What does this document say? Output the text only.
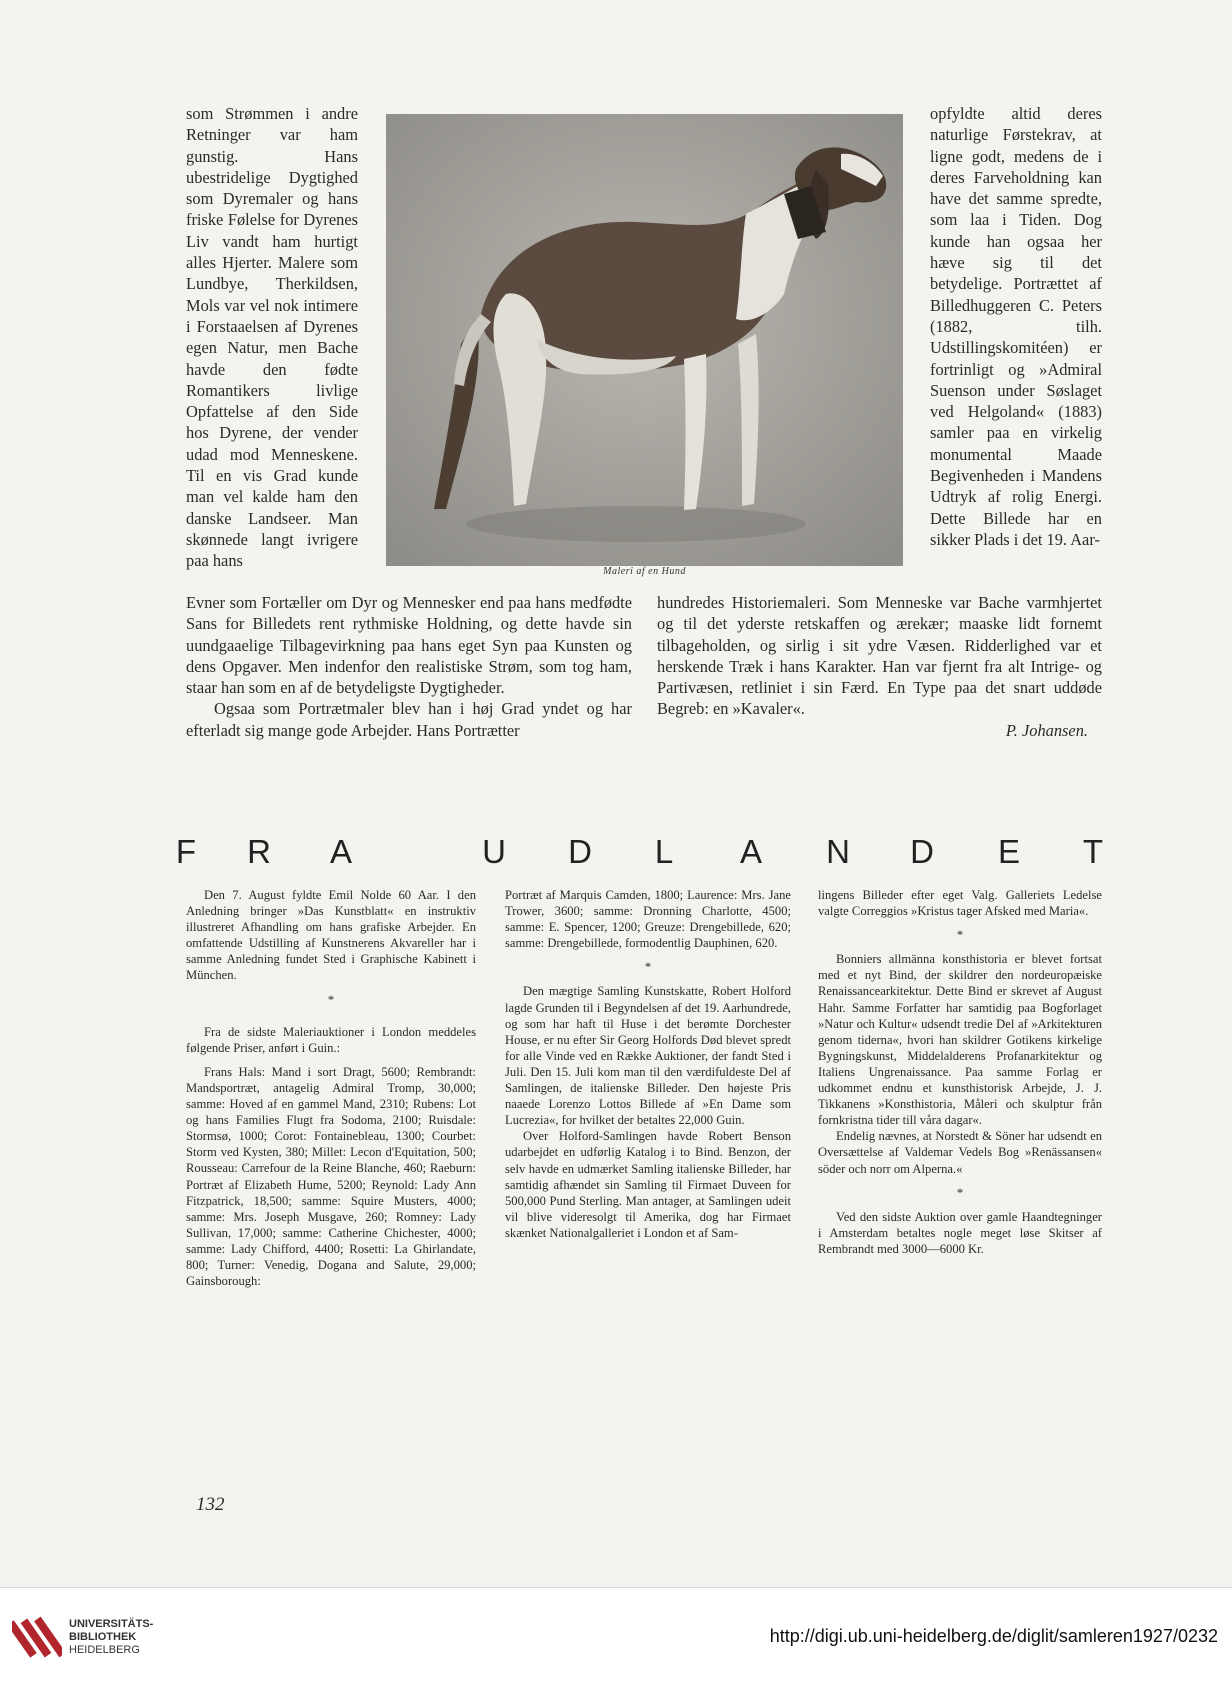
som Strømmen i andre Retninger var ham gunstig. Hans ubestridelige Dygtighed som Dyremaler og hans friske Følelse for Dyrenes Liv vandt ham hurtigt alles Hjerter. Malere som Lundbye, Therkildsen, Mols var vel nok intimere i Forstaaelsen af Dyrenes egen Natur, men Bache havde den fødte Romantikers livlige Opfattelse af den Side hos Dyrene, der vender udad mod Menneskene. Til en vis Grad kunde man vel kalde ham den danske Landseer. Man skønnede langt ivrigere paa hans

Maleri af en Hund

opfyldte altid deres naturlige Førstekrav, at ligne godt, medens de i deres Farveholdning kan have det samme spredte, som laa i Tiden. Dog kunde han ogsaa her hæve sig til det betydelige. Portrættet af Billedhuggeren C. Peters (1882, tilh. Udstillingskomitéen) er fortrinligt og »Admiral Suenson under Søslaget ved Helgoland« (1883) samler paa en virkelig monumental Maade Begivenheden i Mandens Udtryk af rolig Energi. Dette Billede har en sikker Plads i det 19. Aar-

Evner som Fortæller om Dyr og Mennesker end paa hans medfødte Sans for Billedets rent rythmiske Holdning, og dette havde sin uundgaaelige Tilbagevirkning paa hans eget Syn paa Kunsten og dens Opgaver. Men indenfor den realistiske Strøm, som tog ham, staar han som en af de betydeligste Dygtigheder.

Ogsaa som Portrætmaler blev han i høj Grad yndet og har efterladt sig mange gode Arbejder. Hans Portrætter

hundredes Historiemaleri. Som Menneske var Bache varmhjertet og til det yderste retskaffen og ærekær; maaske lidt fornemt tilbageholden, og sirlig i sit ydre Væsen. Ridderlighed var et herskende Træk i hans Karakter. Han var fjernt fra alt Intrige- og Partivæsen, retliniet i sin Færd. En Type paa det snart uddøde Begreb: en »Kavaler«.

P. Johansen.

F R A	U D L A N D E T

Den 7. August fyldte Emil Nolde 60 Aar. I den Anledning bringer »Das Kunstblatt« en instruktiv illustreret Afhandling om hans grafiske Arbejder. En omfattende Udstilling af Kunstnerens Akvareller har i samme Anledning fundet Sted i Graphische Kabinett i München.

*

Fra de sidste Maleriauktioner i London meddeles følgende Priser, anført i Guin.:

Frans Hals: Mand i sort Dragt, 5600; Rembrandt: Mandsportræt, antagelig Admiral Tromp, 30,000; samme: Hoved af en gammel Mand, 2310; Rubens: Lot og hans Families Flugt fra Sodoma, 2100; Ruisdale: Stormsø, 1000; Corot: Fontainebleau, 1300; Courbet: Storm ved Kysten, 380; Millet: Lecon d'Equitation, 500; Rousseau: Carrefour de la Reine Blanche, 460; Raeburn: Portræt af Elizabeth Hume, 5200; Reynold: Lady Ann Fitzpatrick, 18,500; samme: Squire Musters, 4000; samme: Mrs. Joseph Musgave, 260; Romney: Lady Sullivan, 17,000; samme: Catherine Chichester, 4000; samme: Lady Chifford, 4400; Rosetti: La Ghirlandate, 800; Turner: Venedig, Dogana and Salute, 29,000; Gainsborough:

Portræt af Marquis Camden, 1800; Laurence: Mrs. Jane Trower, 3600; samme: Dronning Charlotte, 4500; samme: E. Spencer, 1200; Greuze: Drengebillede, 620; samme: Drengebillede, formodentlig Dauphinen, 620.

*

Den mægtige Samling Kunstskatte, Robert Holford lagde Grunden til i Begyndelsen af det 19. Aarhundrede, og som har haft til Huse i det berømte Dorchester House, er nu efter Sir Georg Holfords Død blevet spredt for alle Vinde ved en Række Auktioner, der fandt Sted i Juli. Den 15. Juli kom man til den værdifuldeste Del af Samlingen, de italienske Billeder. Den højeste Pris naaede Lorenzo Lottos Billede af »En Dame som Lucrezia«, for hvilket der betaltes 22,000 Guin.

Over Holford-Samlingen havde Robert Benson udarbejdet en udførlig Katalog i to Bind. Benzon, der selv havde en udmærket Samling italienske Billeder, har samtidig afhændet sin Samling til Firmaet Duveen for 500,000 Pund Sterling. Man antager, at Samlingen udeit vil blive videresolgt til Amerika, dog har Firmaet skænket Nationalgalleriet i London et af Sam-

lingens Billeder efter eget Valg. Galleriets Ledelse valgte Correggios »Kristus tager Afsked med Maria«.

*

Bonniers allmänna konsthistoria er blevet fortsat med et nyt Bind, der skildrer den nordeuropæiske Renaissancearkitektur. Dette Bind er skrevet af August Hahr. Samme Forfatter har samtidig paa Bogforlaget »Natur och Kultur« udsendt tredie Del af »Arkitekturen genom tiderna«, hvori han skildrer Gotikens kirkelige Bygningskunst, Middelalderens Profanarkitektur og Italiens Ungrenaissance. Paa samme Forlag er udkommet endnu et kunsthistorisk Arbejde, J. J. Tikkanens »Konsthistoria, Måleri och skulptur från fornkristna tider till våra dagar«.

Endelig nævnes, at Norstedt & Söner har udsendt en Oversættelse af Valdemar Vedels Bog »Renässansen« söder och norr om Alperna.«

*

Ved den sidste Auktion over gamle Haandtegninger i Amsterdam betaltes nogle meget løse Skitser af Rembrandt med 3000—6000 Kr.

132
UNIVERSITÄTS-
BIBLIOTHEK
HEIDELBERG
http://digi.ub.uni-heidelberg.de/diglit/samleren1927/0232
